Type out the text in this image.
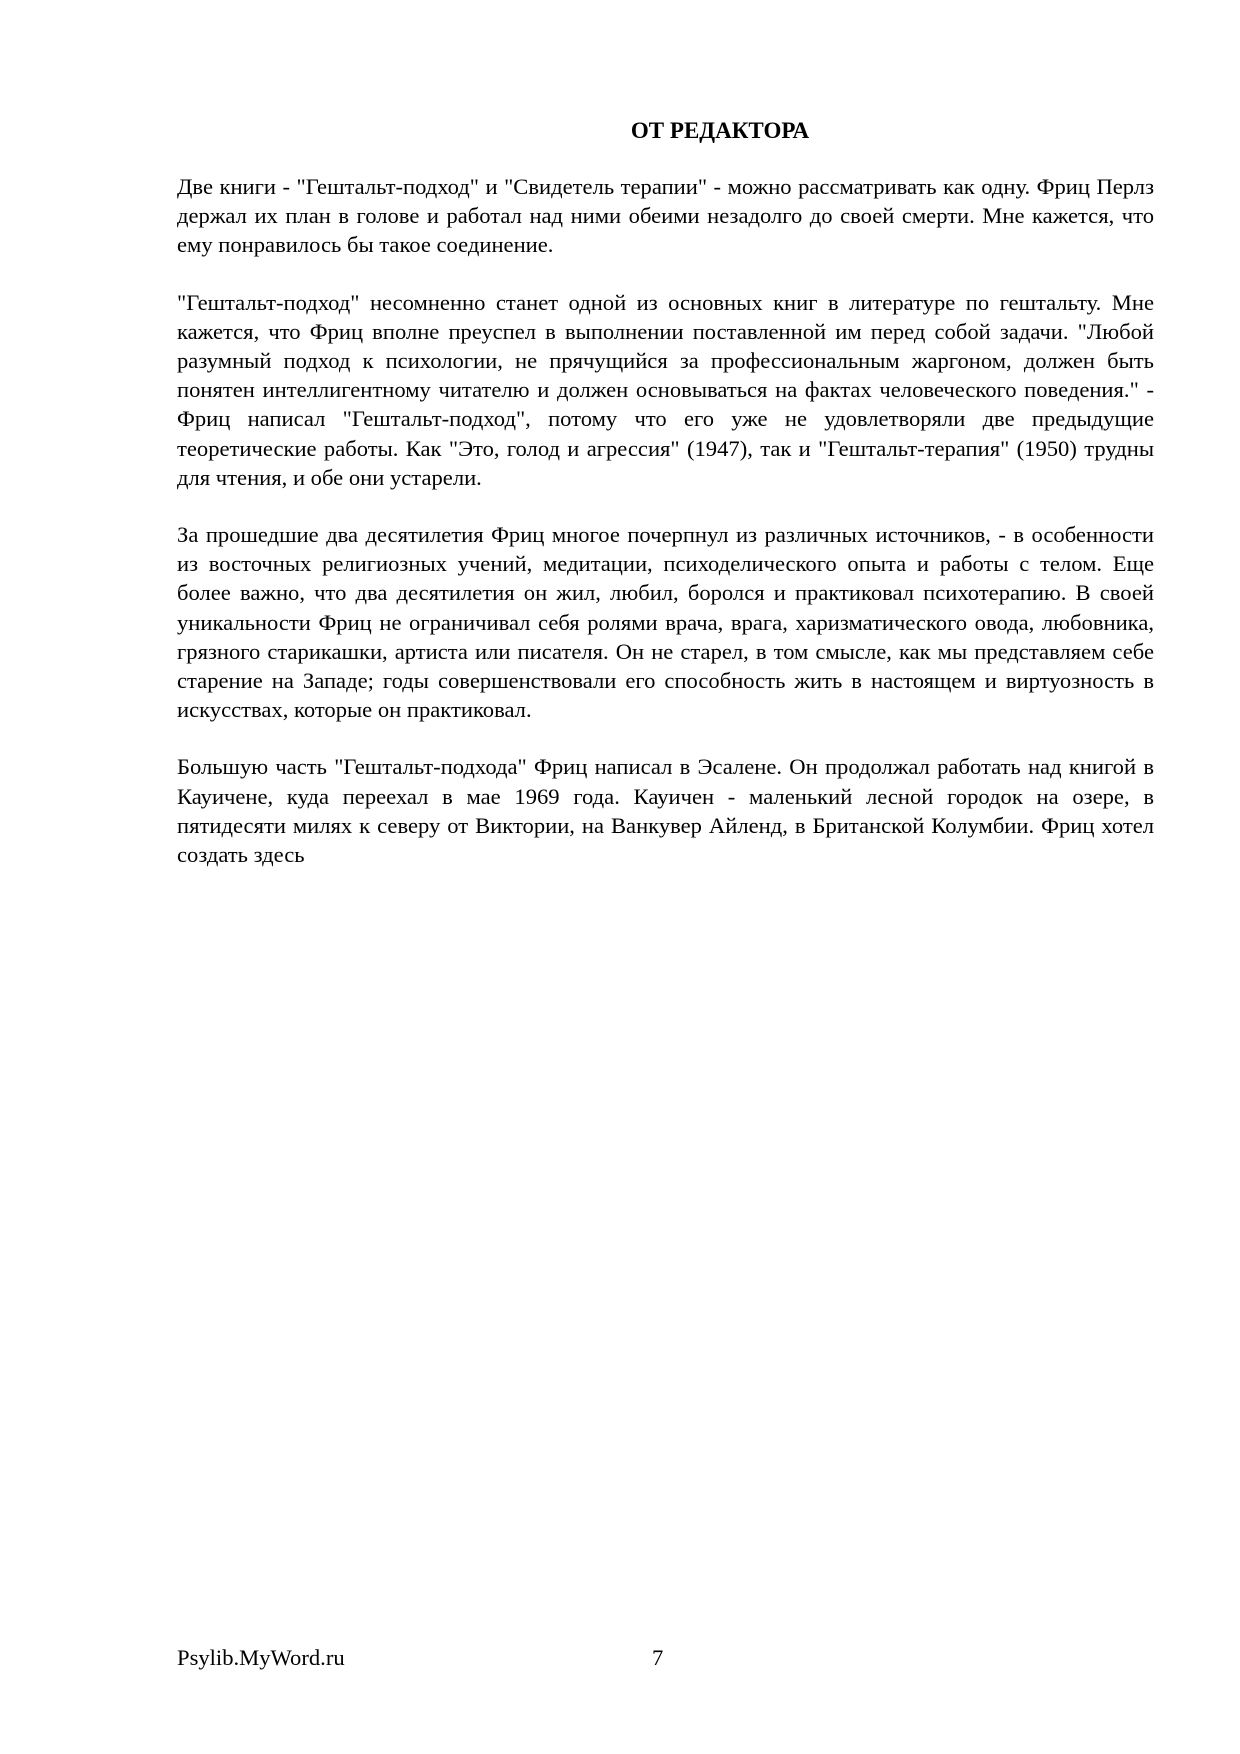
ОТ РЕДАКТОРА

Две книги - "Гештальт-подход" и "Свидетель терапии" - можно рассматривать как одну. Фриц Перлз держал их план в голове и работал над ними обеими незадолго до своей смерти. Мне кажется, что ему понравилось бы такое соединение.

"Гештальт-подход" несомненно станет одной из основных книг в литературе по гештальту. Мне кажется, что Фриц вполне преуспел в выполнении поставленной им перед собой задачи. "Любой разумный подход к психологии, не прячущийся за профессиональным жаргоном, должен быть понятен интеллигентному читателю и должен основываться на фактах человеческого поведения." - Фриц написал "Гештальт-подход", потому что его уже не удовлетворяли две предыдущие теоретические работы. Как "Это, голод и агрессия" (1947), так и "Гештальт-терапия" (1950) трудны для чтения, и обе они устарели.

За прошедшие два десятилетия Фриц многое почерпнул из различных источников, - в особенности из восточных религиозных учений, медитации, психоделического опыта и работы с телом. Еще более важно, что два десятилетия он жил, любил, боролся и практиковал психотерапию. В своей уникальности Фриц не ограничивал себя ролями врача, врага, харизматического овода, любовника, грязного старикашки, артиста или писателя. Он не старел, в том смысле, как мы представляем себе старение на Западе; годы совершенствовали его способность жить в настоящем и виртуозность в искусствах, которые он практиковал.

Большую часть "Гештальт-подхода" Фриц написал в Эсалене. Он продолжал работать над книгой в Кауичене, куда переехал в мае 1969 года. Кауичен - маленький лесной городок на озере, в пятидесяти милях к северу от Виктории, на Ванкувер Айленд, в Британской Колумбии. Фриц хотел создать здесь

Psylib.MyWord.ru	7
